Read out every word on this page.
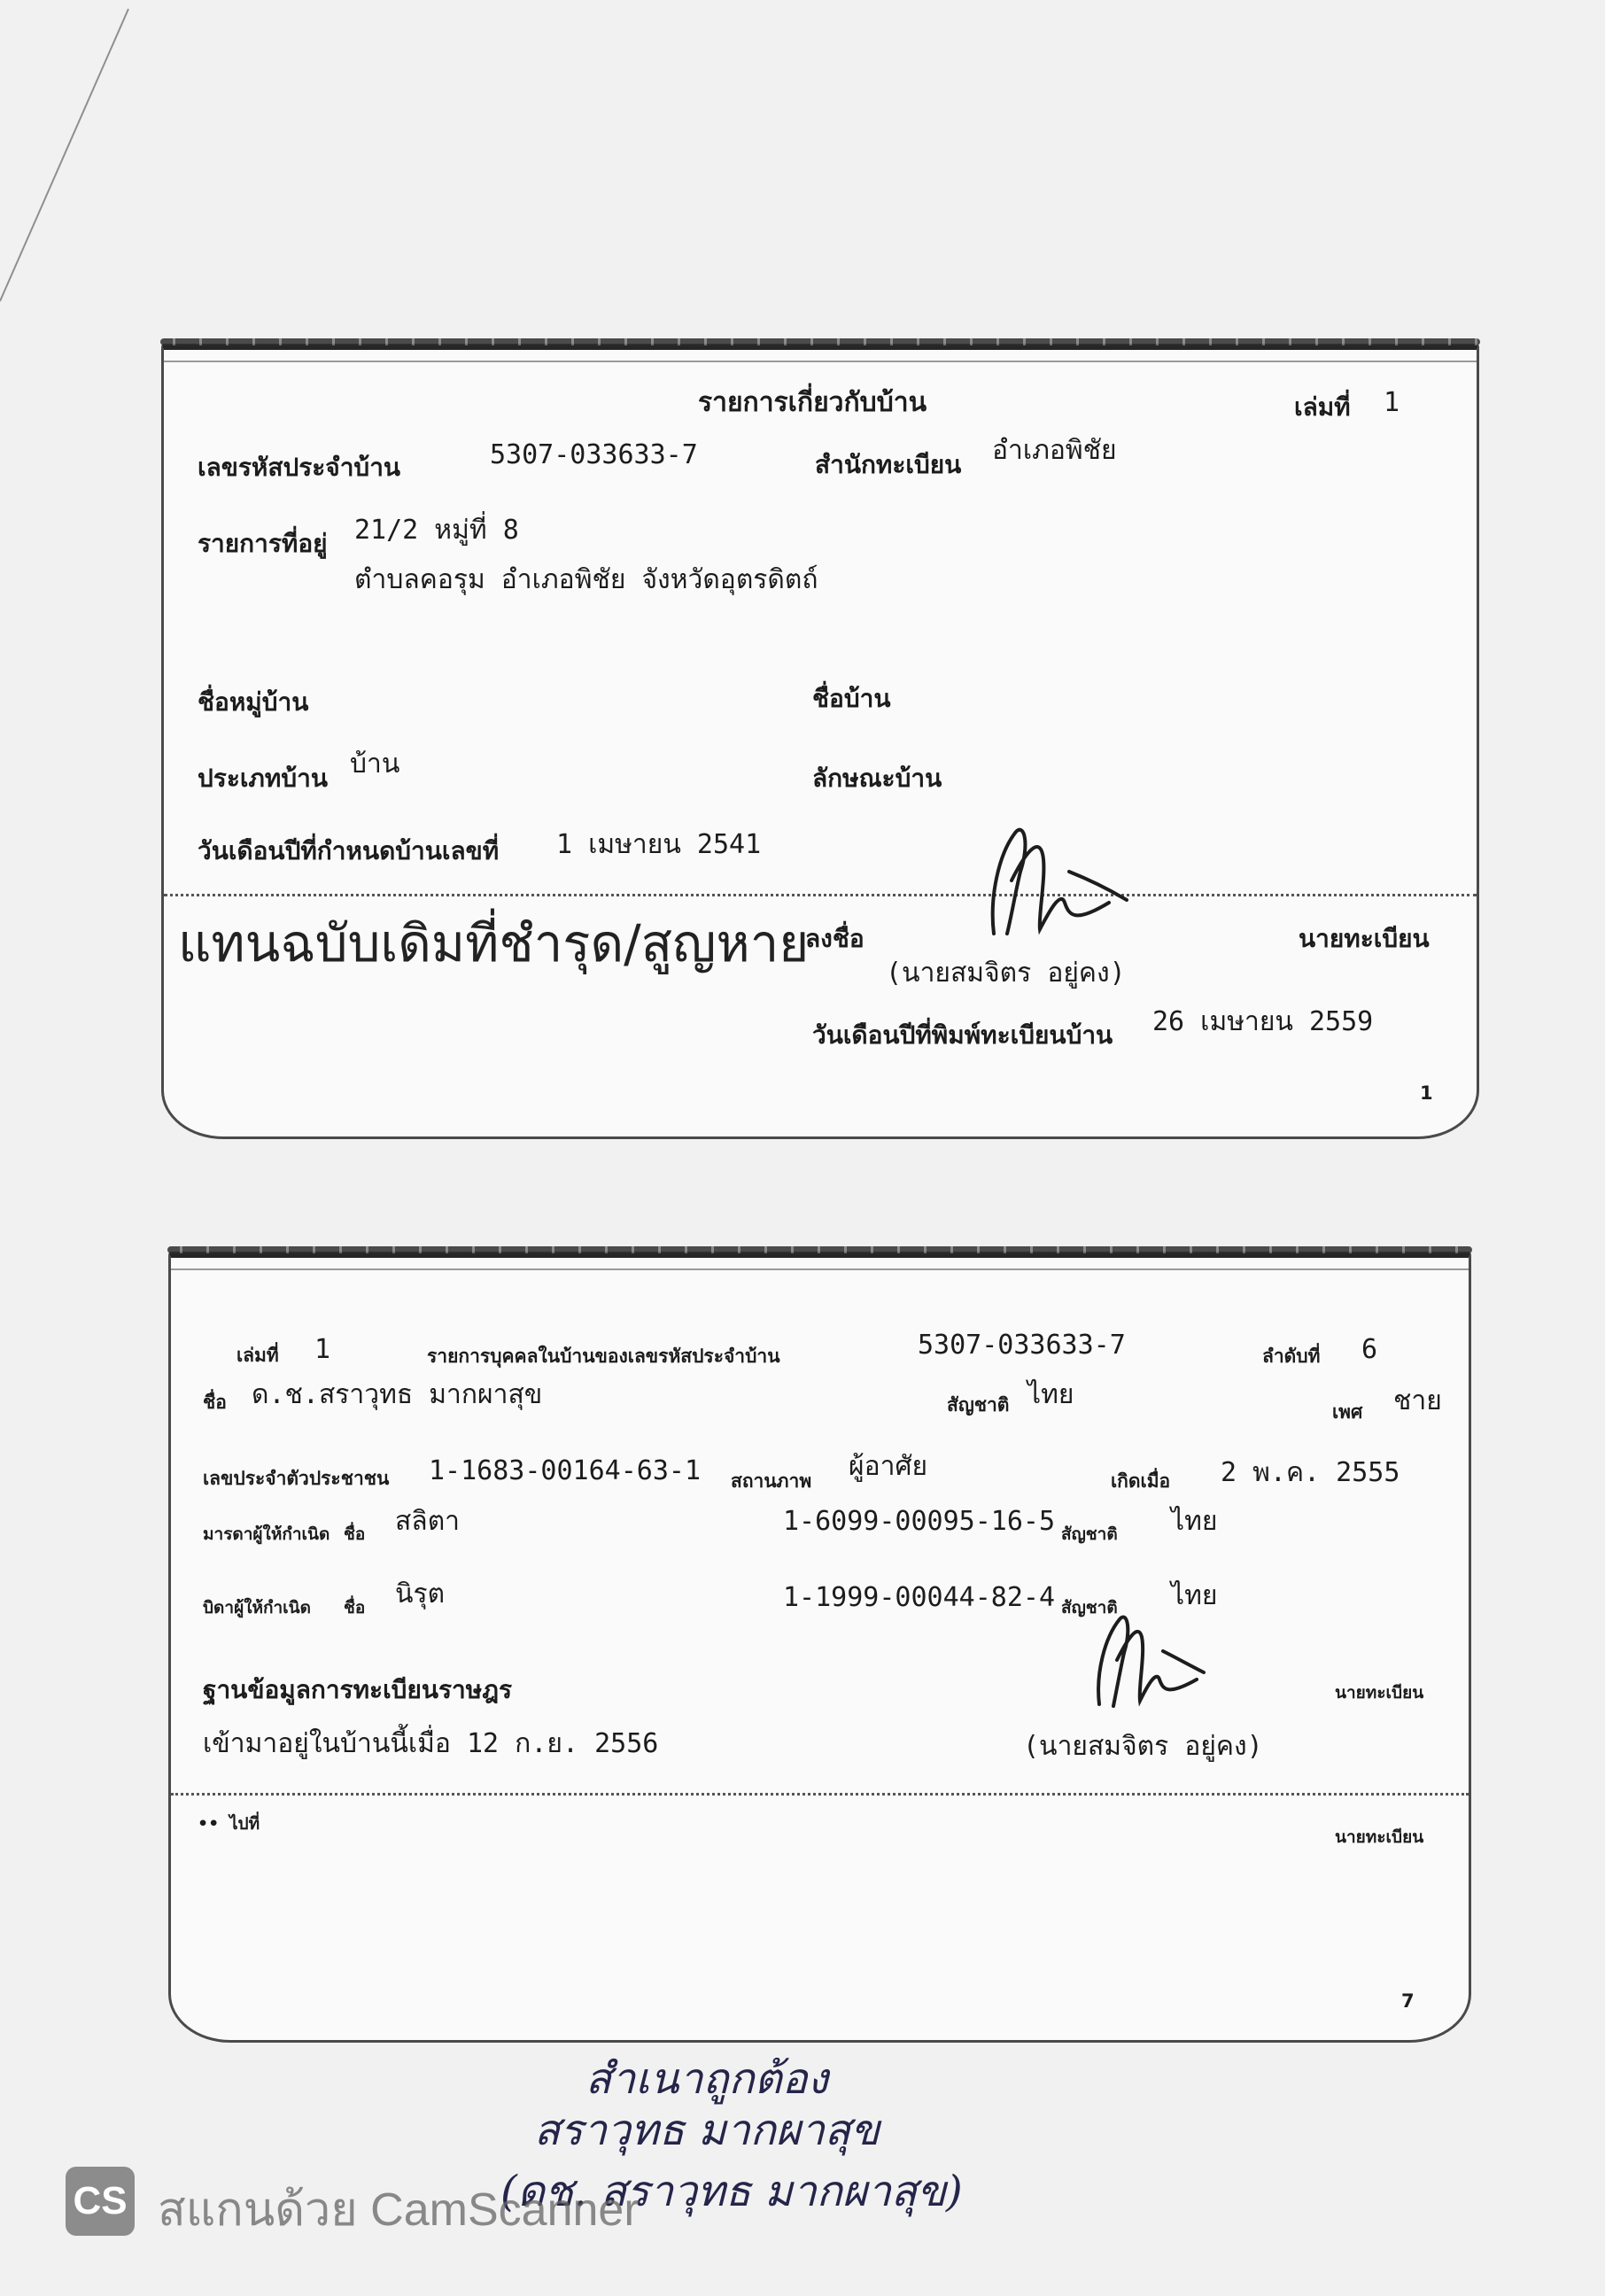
รายการเกี่ยวกับบ้าน	เล่มที่ 1
เลขรหัสประจำบ้าน	5307-033633-7	สำนักทะเบียน อำเภอพิชัย
รายการที่อยู่ 21/2 หมู่ที่ 8
ตำบลคอรุม อำเภอพิชัย จังหวัดอุตรดิตถ์
ชื่อหมู่บ้าน	ชื่อบ้าน
ประเภทบ้าน บ้าน	ลักษณะบ้าน
วันเดือนปีที่กำหนดบ้านเลขที่ 1 เมษายน 2541
ลงชื่อ
แทนฉบับเดิมที่ชำรุด/สูญหาย	นายทะเบียน
(นายสมจิตร อยู่คง)
วันเดือนปีที่พิมพ์ทะเบียนบ้าน 26 เมษายน 2559
1
เล่มที่ 1	รายการบุคคลในบ้านของเลขรหัสประจำบ้าน	5307-033633-7	ลำดับที่ 6
ชื่อ ด.ช.สราวุทธ มากผาสุข	สัญชาติ ไทย
เพศ ชาย
เลขประจำตัวประชาชน 1-1683-00164-63-1 สถานภาพ ผู้อาศัย	เกิดเมื่อ 2 พ.ค. 2555
มารดาผู้ให้กำเนิด ชื่อ สลิตา	1-6099-00095-16-5 สัญชาติ ไทย
บิดาผู้ให้กำเนิด ชื่อ นิรุต	1-1999-00044-82-4 สัญชาติ ไทย
ฐานข้อมูลการทะเบียนราษฎร	นายทะเบียน
เข้ามาอยู่ในบ้านนี้เมื่อ 12 ก.ย. 2556	(นายสมจิตร อยู่คง)
•• ไปที่
นายทะเบียน
7
สำเนาถูกต้อง
สราวุทธ มากผาสุข
(ดช. สราวุทธ มากผาสุข)
CS สแกนด้วย CamScanner
